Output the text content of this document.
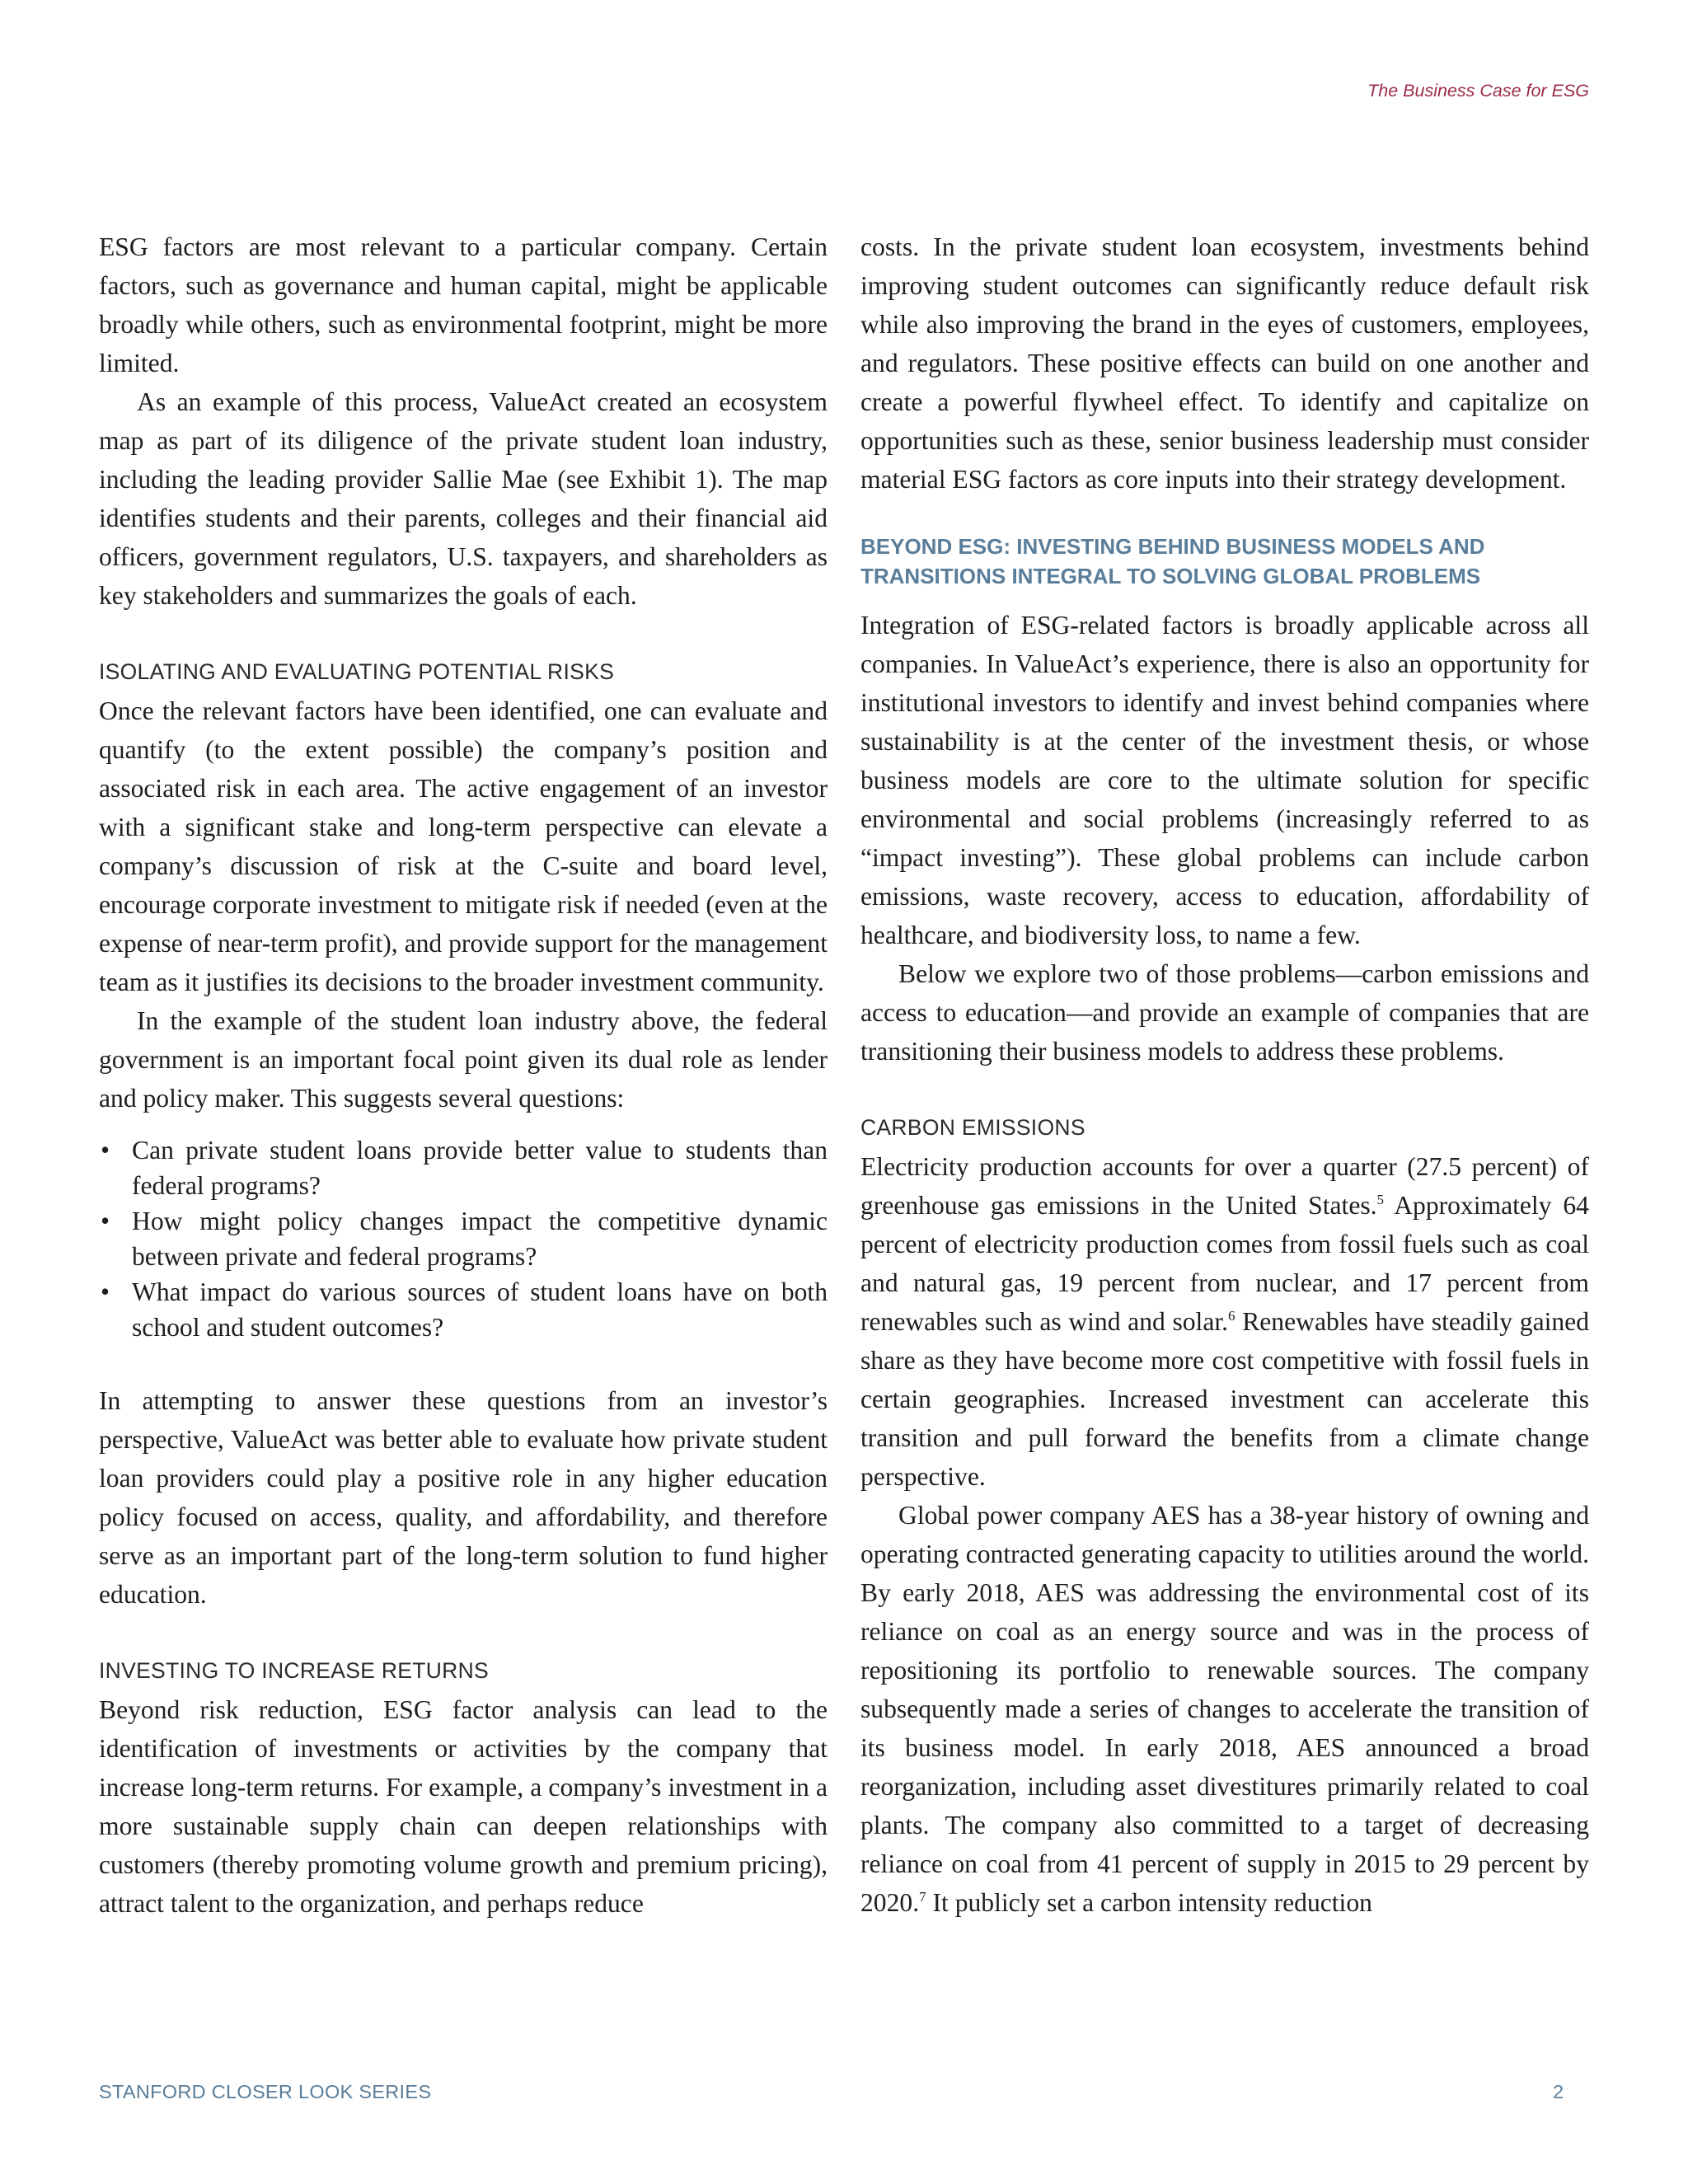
The Business Case for ESG

ESG factors are most relevant to a particular company. Certain factors, such as governance and human capital, might be applicable broadly while others, such as environmental footprint, might be more limited.

As an example of this process, ValueAct created an ecosystem map as part of its diligence of the private student loan industry, including the leading provider Sallie Mae (see Exhibit 1). The map identifies students and their parents, colleges and their financial aid officers, government regulators, U.S. taxpayers, and shareholders as key stakeholders and summarizes the goals of each.

ISOLATING AND EVALUATING POTENTIAL RISKS

Once the relevant factors have been identified, one can evaluate and quantify (to the extent possible) the company’s position and associated risk in each area. The active engagement of an investor with a significant stake and long-term perspective can elevate a company’s discussion of risk at the C-suite and board level, encourage corporate investment to mitigate risk if needed (even at the expense of near-term profit), and provide support for the management team as it justifies its decisions to the broader investment community.

In the example of the student loan industry above, the federal government is an important focal point given its dual role as lender and policy maker. This suggests several questions:

• Can private student loans provide better value to students than federal programs?
• How might policy changes impact the competitive dynamic between private and federal programs?
• What impact do various sources of student loans have on both school and student outcomes?

In attempting to answer these questions from an investor’s perspective, ValueAct was better able to evaluate how private student loan providers could play a positive role in any higher education policy focused on access, quality, and affordability, and therefore serve as an important part of the long-term solution to fund higher education.

INVESTING TO INCREASE RETURNS

Beyond risk reduction, ESG factor analysis can lead to the identification of investments or activities by the company that increase long-term returns. For example, a company’s investment in a more sustainable supply chain can deepen relationships with customers (thereby promoting volume growth and premium pricing), attract talent to the organization, and perhaps reduce

costs. In the private student loan ecosystem, investments behind improving student outcomes can significantly reduce default risk while also improving the brand in the eyes of customers, employees, and regulators. These positive effects can build on one another and create a powerful flywheel effect. To identify and capitalize on opportunities such as these, senior business leadership must consider material ESG factors as core inputs into their strategy development.

BEYOND ESG: INVESTING BEHIND BUSINESS MODELS AND
TRANSITIONS INTEGRAL TO SOLVING GLOBAL PROBLEMS

Integration of ESG-related factors is broadly applicable across all companies. In ValueAct’s experience, there is also an opportunity for institutional investors to identify and invest behind companies where sustainability is at the center of the investment thesis, or whose business models are core to the ultimate solution for specific environmental and social problems (increasingly referred to as “impact investing”). These global problems can include carbon emissions, waste recovery, access to education, affordability of healthcare, and biodiversity loss, to name a few.

Below we explore two of those problems—carbon emissions and access to education—and provide an example of companies that are transitioning their business models to address these problems.

CARBON EMISSIONS

Electricity production accounts for over a quarter (27.5 percent) of greenhouse gas emissions in the United States.$^5$ Approximately 64 percent of electricity production comes from fossil fuels such as coal and natural gas, 19 percent from nuclear, and 17 percent from renewables such as wind and solar.$^6$ Renewables have steadily gained share as they have become more cost competitive with fossil fuels in certain geographies. Increased investment can accelerate this transition and pull forward the benefits from a climate change perspective.

Global power company AES has a 38-year history of owning and operating contracted generating capacity to utilities around the world. By early 2018, AES was addressing the environmental cost of its reliance on coal as an energy source and was in the process of repositioning its portfolio to renewable sources. The company subsequently made a series of changes to accelerate the transition of its business model. In early 2018, AES announced a broad reorganization, including asset divestitures primarily related to coal plants. The company also committed to a target of decreasing reliance on coal from 41 percent of supply in 2015 to 29 percent by 2020.$^7$ It publicly set a carbon intensity reduction

STANFORD CLOSER LOOK SERIES	2
